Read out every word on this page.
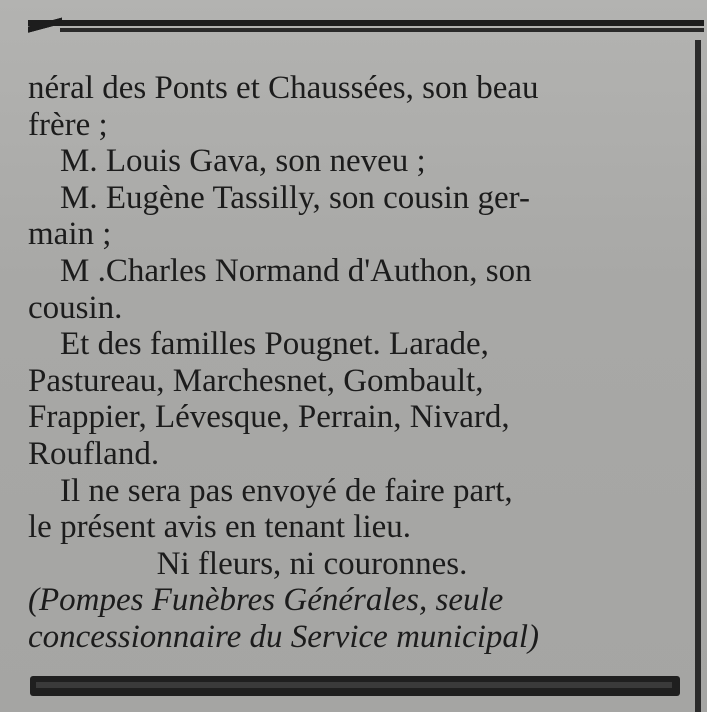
néral des Ponts et Chaussées, son beau
frère ;
M. Louis Gava, son neveu ;
M. Eugène Tassilly, son cousin ger-
main ;
M .Charles Normand d'Authon, son
cousin.
Et des familles Pougnet. Larade,
Pastureau, Marchesnet, Gombault,
Frappier, Lévesque, Perrain, Nivard,
Roufland.
Il ne sera pas envoyé de faire part,
le présent avis en tenant lieu.
Ni fleurs, ni couronnes.
(Pompes Funèbres Générales, seule
concessionnaire du Service municipal)
